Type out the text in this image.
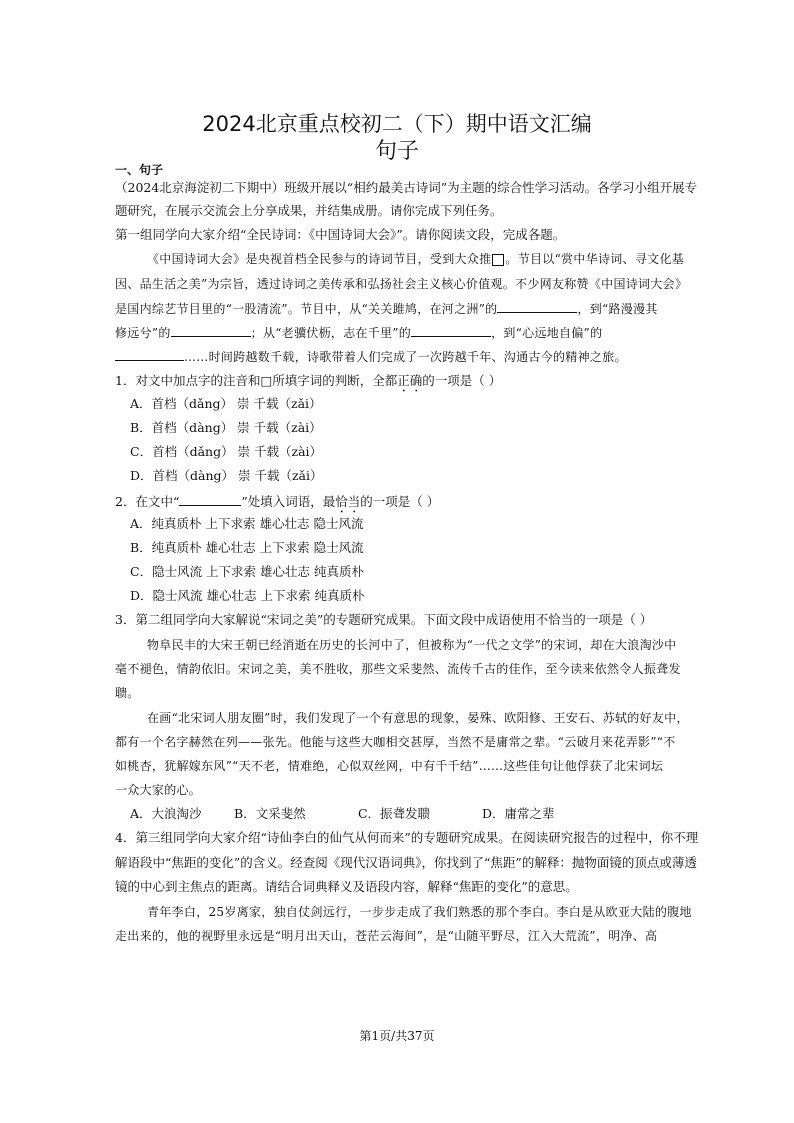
2024北京重点校初二（下）期中语文汇编
句子
一、句子
（2024北京海淀初二下期中）班级开展以“相约最美古诗词”为主题的综合性学习活动。各学习小组开展专
题研究，在展示交流会上分享成果，并结集成册。请你完成下列任务。
第一组同学向大家介绍“全民诗词：《中国诗词大会》”。请你阅读文段，完成各题。
《中国诗词大会》是央视首档全民参与的诗词节目，受到大众推 。节目以“赏中华诗词、寻文化基
因、品生活之美”为宗旨，透过诗词之美传承和弘扬社会主义核心价值观。不少网友称赞《中国诗词大会》
是国内综艺节目里的“一股清流”。节目中，从“关关雎鸠，在河之洲”的	，到“路漫漫其
修远兮”的	；从“老骥伏枥，志在千里”的	，到“心远地自偏”的
……时间跨越数千载，诗歌带着人们完成了一次跨越千年、沟通古今的精神之旅。
1．对文中加点字的注音和□所填字词的判断，全都正确的一项是（ ）
A．首档（dǎng） 崇 千载（zǎi）
B．首档（dàng） 崇 千载（zài）
C．首档（dǎng） 崇 千载（zài）
D．首档（dàng） 崇 千载（zǎi）
2．在文中“	”处填入词语，最恰当的一项是（ ）
A．纯真质朴 上下求索 雄心壮志 隐士风流
B．纯真质朴 雄心壮志 上下求索 隐士风流
C．隐士风流 上下求索 雄心壮志 纯真质朴
D．隐士风流 雄心壮志 上下求索 纯真质朴
3．第二组同学向大家解说“宋词之美”的专题研究成果。下面文段中成语使用不恰当的一项是（ ）
物阜民丰的大宋王朝已经消逝在历史的长河中了，但被称为“一代之文学”的宋词，却在大浪淘沙中
毫不褪色，情韵依旧。宋词之美，美不胜收，那些文采斐然、流传千古的佳作，至今读来依然令人振聋发
聩。
在画“北宋词人朋友圈”时，我们发现了一个有意思的现象，晏殊、欧阳修、王安石、苏轼的好友中，
都有一个名字赫然在列——张先。他能与这些大咖相交甚厚，当然不是庸常之辈。“云破月来花弄影”“不
如桃杏，犹解嫁东风”“天不老，情难绝，心似双丝网，中有千千结”……这些佳句让他俘获了北宋词坛
一众大家的心。
A．大浪淘沙	B．文采斐然	C．振聋发聩	D．庸常之辈
4．第三组同学向大家介绍“诗仙李白的仙气从何而来”的专题研究成果。在阅读研究报告的过程中，你不理
解语段中“焦距的变化”的含义。经查阅《现代汉语词典》，你找到了“焦距”的解释：抛物面镜的顶点或薄透
镜的中心到主焦点的距离。请结合词典释义及语段内容，解释“焦距的变化”的意思。
青年李白，25岁离家，独自仗剑远行，一步步走成了我们熟悉的那个李白。李白是从欧亚大陆的腹地
走出来的，他的视野里永远是“明月出天山，苍茫云海间”，是“山随平野尽，江入大荒流”，明净、高
第1页/共37页
